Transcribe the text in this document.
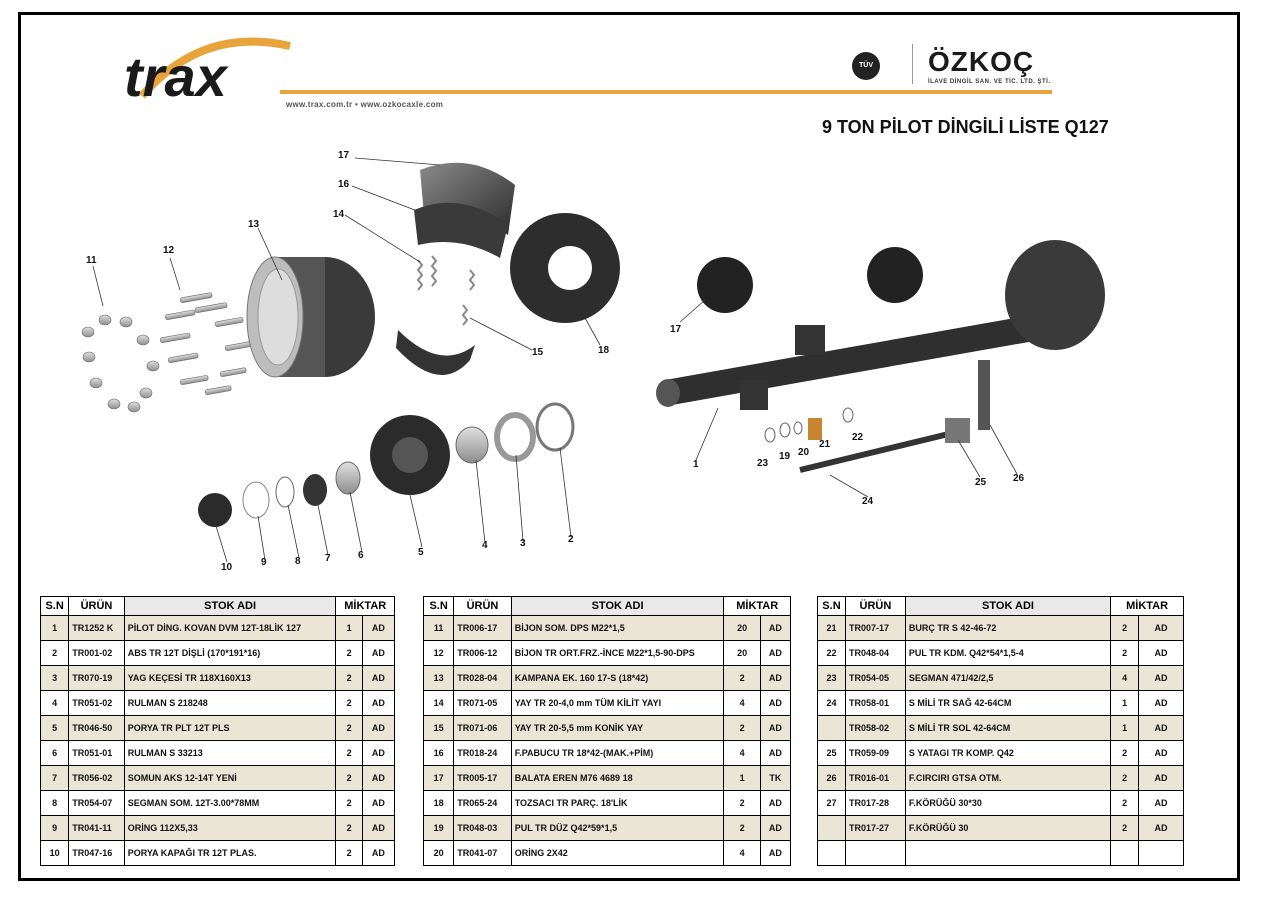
trax	www.trax.com.tr • www.ozkocaxle.com
TÜV ÖZKOÇ
İLAVE DİNGİL SAN. VE TİC. LTD. ŞTİ.
9 TON PİLOT DİNGİLİ LİSTE Q127
1
2
3
4
5
6
7
8
9
10
11
12
13
14
15
16
17
18
17
19 20
21
22
23
24
25	26
S.N	ÜRÜN	STOK ADI	MİKTAR	
1	TR1252 K	PİLOT DİNG. KOVAN DVM 12T-18LİK 127	1	AD
2	TR001-02	ABS TR 12T DİŞLİ (170*191*16)	2	AD
3	TR070-19	YAG KEÇESİ TR 118X160X13	2	AD
4	TR051-02	RULMAN S 218248	2	AD
5	TR046-50	PORYA TR PLT 12T PLS	2	AD
6	TR051-01	RULMAN S 33213	2	AD
7	TR056-02	SOMUN AKS 12-14T YENİ	2	AD
8	TR054-07	SEGMAN SOM. 12T-3.00*78MM	2	AD
9	TR041-11	ORİNG 112X5,33	2	AD
10	TR047-16	PORYA KAPAĞI TR 12T PLAS.	2	AD
S.N	ÜRÜN	STOK ADI	MİKTAR	
11	TR006-17	BİJON SOM. DPS M22*1,5	20	AD
12	TR006-12	BİJON TR ORT.FRZ.-İNCE M22*1,5-90-DPS	20	AD
13	TR028-04	KAMPANA EK. 160 17-S (18*42)	2	AD
14	TR071-05	YAY TR 20-4,0 mm TÜM KİLİT YAYI	4	AD
15	TR071-06	YAY TR 20-5,5 mm KONİK YAY	2	AD
16	TR018-24	F.PABUCU TR 18*42-(MAK.+PİM)	4	AD
17	TR005-17	BALATA EREN M76 4689 18	1	TK
18	TR065-24	TOZSACI TR PARÇ. 18'LİK	2	AD
19	TR048-03	PUL TR DÜZ Q42*59*1,5	2	AD
20	TR041-07	ORİNG 2X42	4	AD
S.N	ÜRÜN	STOK ADI	MİKTAR	
21	TR007-17	BURÇ TR S 42-46-72	2	AD
22	TR048-04	PUL TR KDM. Q42*54*1,5-4	2	AD
23	TR054-05	SEGMAN 471/42/2,5	4	AD
24	TR058-01	S MİLİ TR SAĞ 42-64CM	1	AD
	TR058-02	S MİLİ TR SOL 42-64CM	1	AD
25	TR059-09	S YATAGI TR KOMP. Q42	2	AD
26	TR016-01	F.CIRCIRI GTSA OTM.	2	AD
27	TR017-28	F.KÖRÜĞÜ 30*30	2	AD
	TR017-27	F.KÖRÜĞÜ 30	2	AD
